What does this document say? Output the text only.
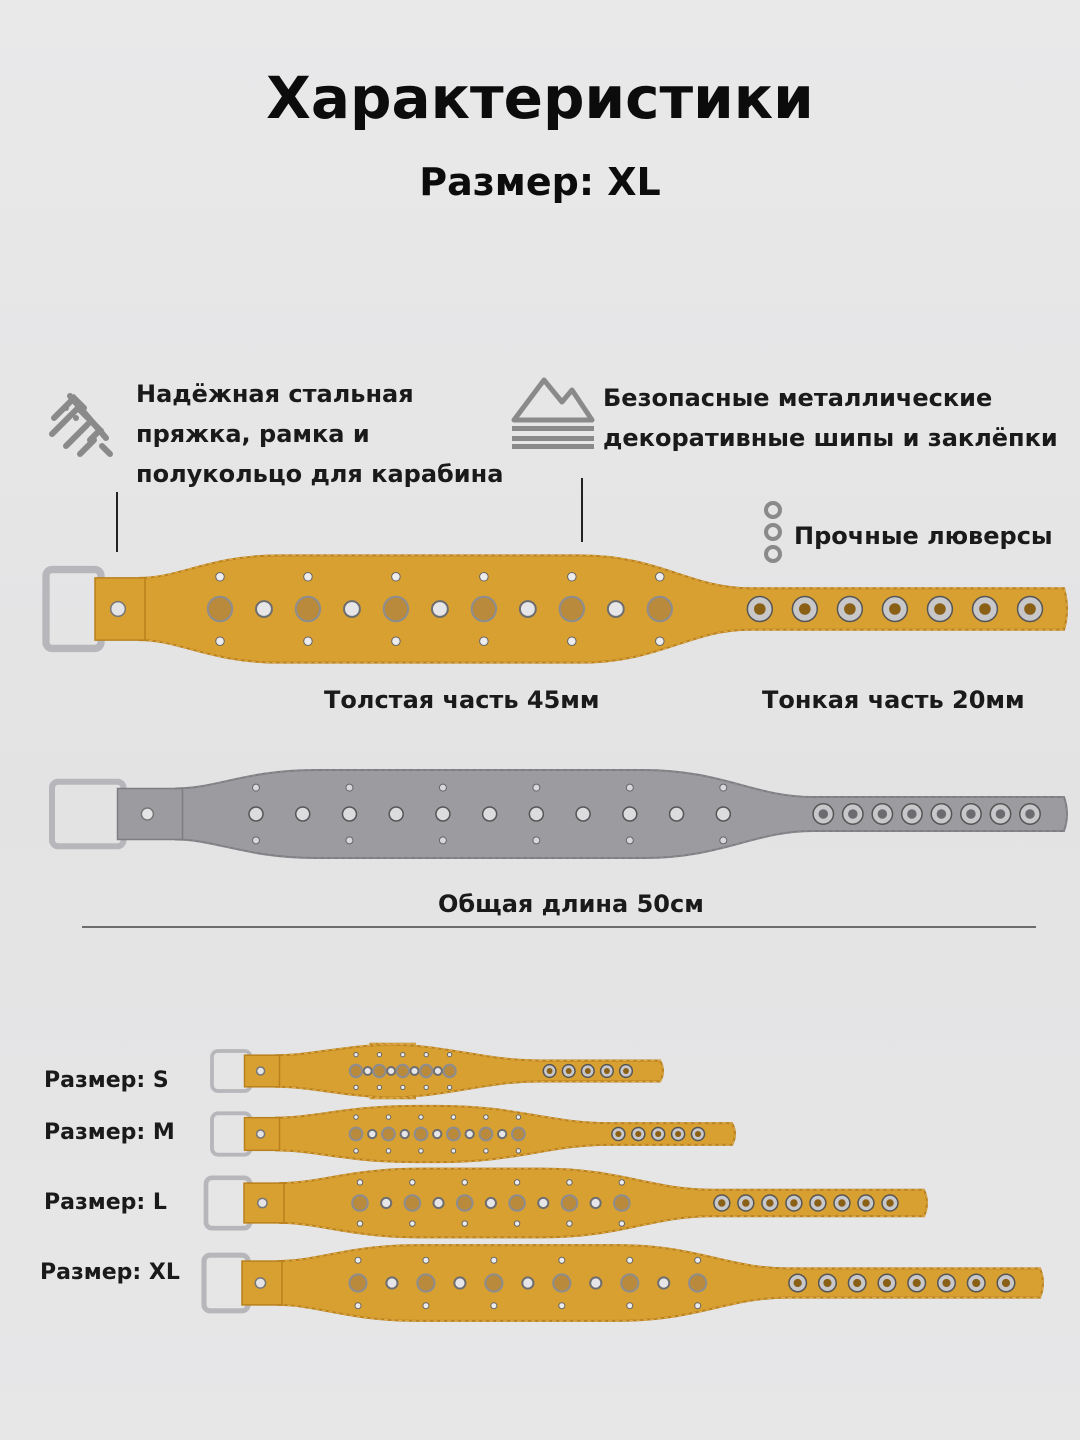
Характеристики
Размер: XL
Надёжная стальная
пряжка, рамка и
полукольцо для карабина
Безопасные металлические
декоративные шипы и заклёпки
Прочные люверсы
Толстая часть 45мм	Тонкая часть 20мм
Общая длина 50см
Размер: S
Размер: M
Размер: L
Размер: XL
